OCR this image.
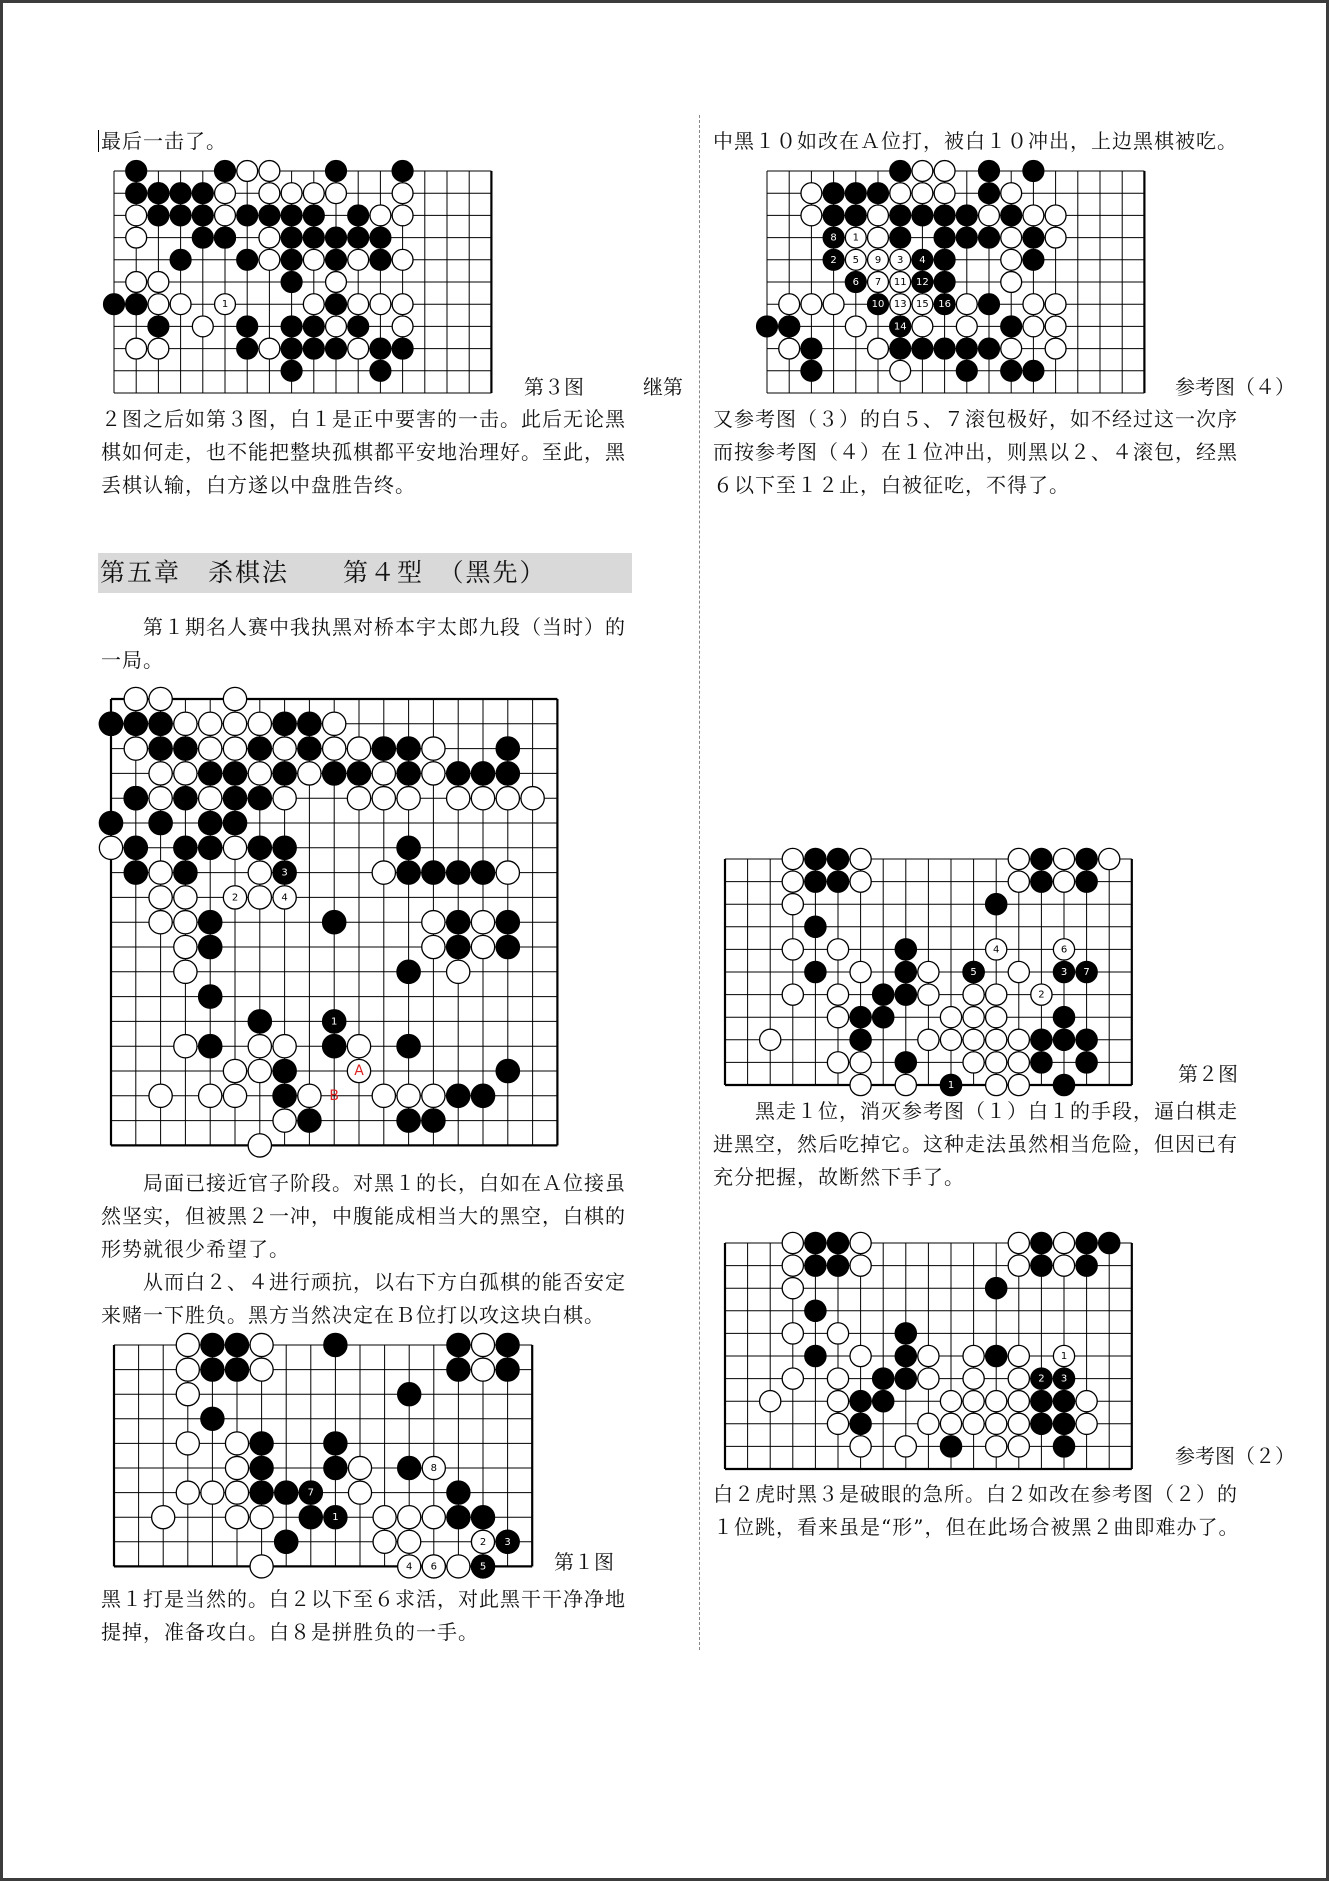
最后一击了。

1
第３图	继第

２图之后如第３图，白１是正中要害的一击。此后无论黑

棋如何走，也不能把整块孤棋都平安地治理好。至此，黑

丢棋认输，白方遂以中盘胜告终。

第五章　杀棋法　　第４型　（黑先）

　　第１期名人赛中我执黑对桥本宇太郎九段（当时）的

一局。

3
2	4
1
A
B

　　局面已接近官子阶段。对黑１的长，白如在Ａ位接虽

然坚实，但被黑２一冲，中腹能成相当大的黑空，白棋的

形势就很少希望了。

　　从而白２、４进行顽抗，以右下方白孤棋的能否安定

来赌一下胜负。黑方当然决定在Ｂ位打以攻这块白棋。

8
7
1
3
2
5
4 6	第１图

黑１打是当然的。白２以下至６求活，对此黑干干净净地

提掉，准备攻白。白８是拼胜负的一手。

中黑１０如改在Ａ位打，被白１０冲出，上边黑棋被吃。

8 1
2 5 9 3 4
6 7 11 12
10 13 15 16
14
参考图（４）

又参考图（３）的白５、７滚包极好，如不经过这一次序

而按参考图（４）在１位冲出，则黑以２、４滚包，经黑

６以下至１２止，白被征吃，不得了。

4	6
5	3 7
2
1	第２图

　　黑走１位，消灭参考图（１）白１的手段，逼白棋走

进黑空，然后吃掉它。这种走法虽然相当危险，但因已有

充分把握，故断然下手了。

1
2 3
参考图（２）

白２虎时黑３是破眼的急所。白２如改在参考图（２）的

１位跳，看来虽是“形”，但在此场合被黑２曲即难办了。
